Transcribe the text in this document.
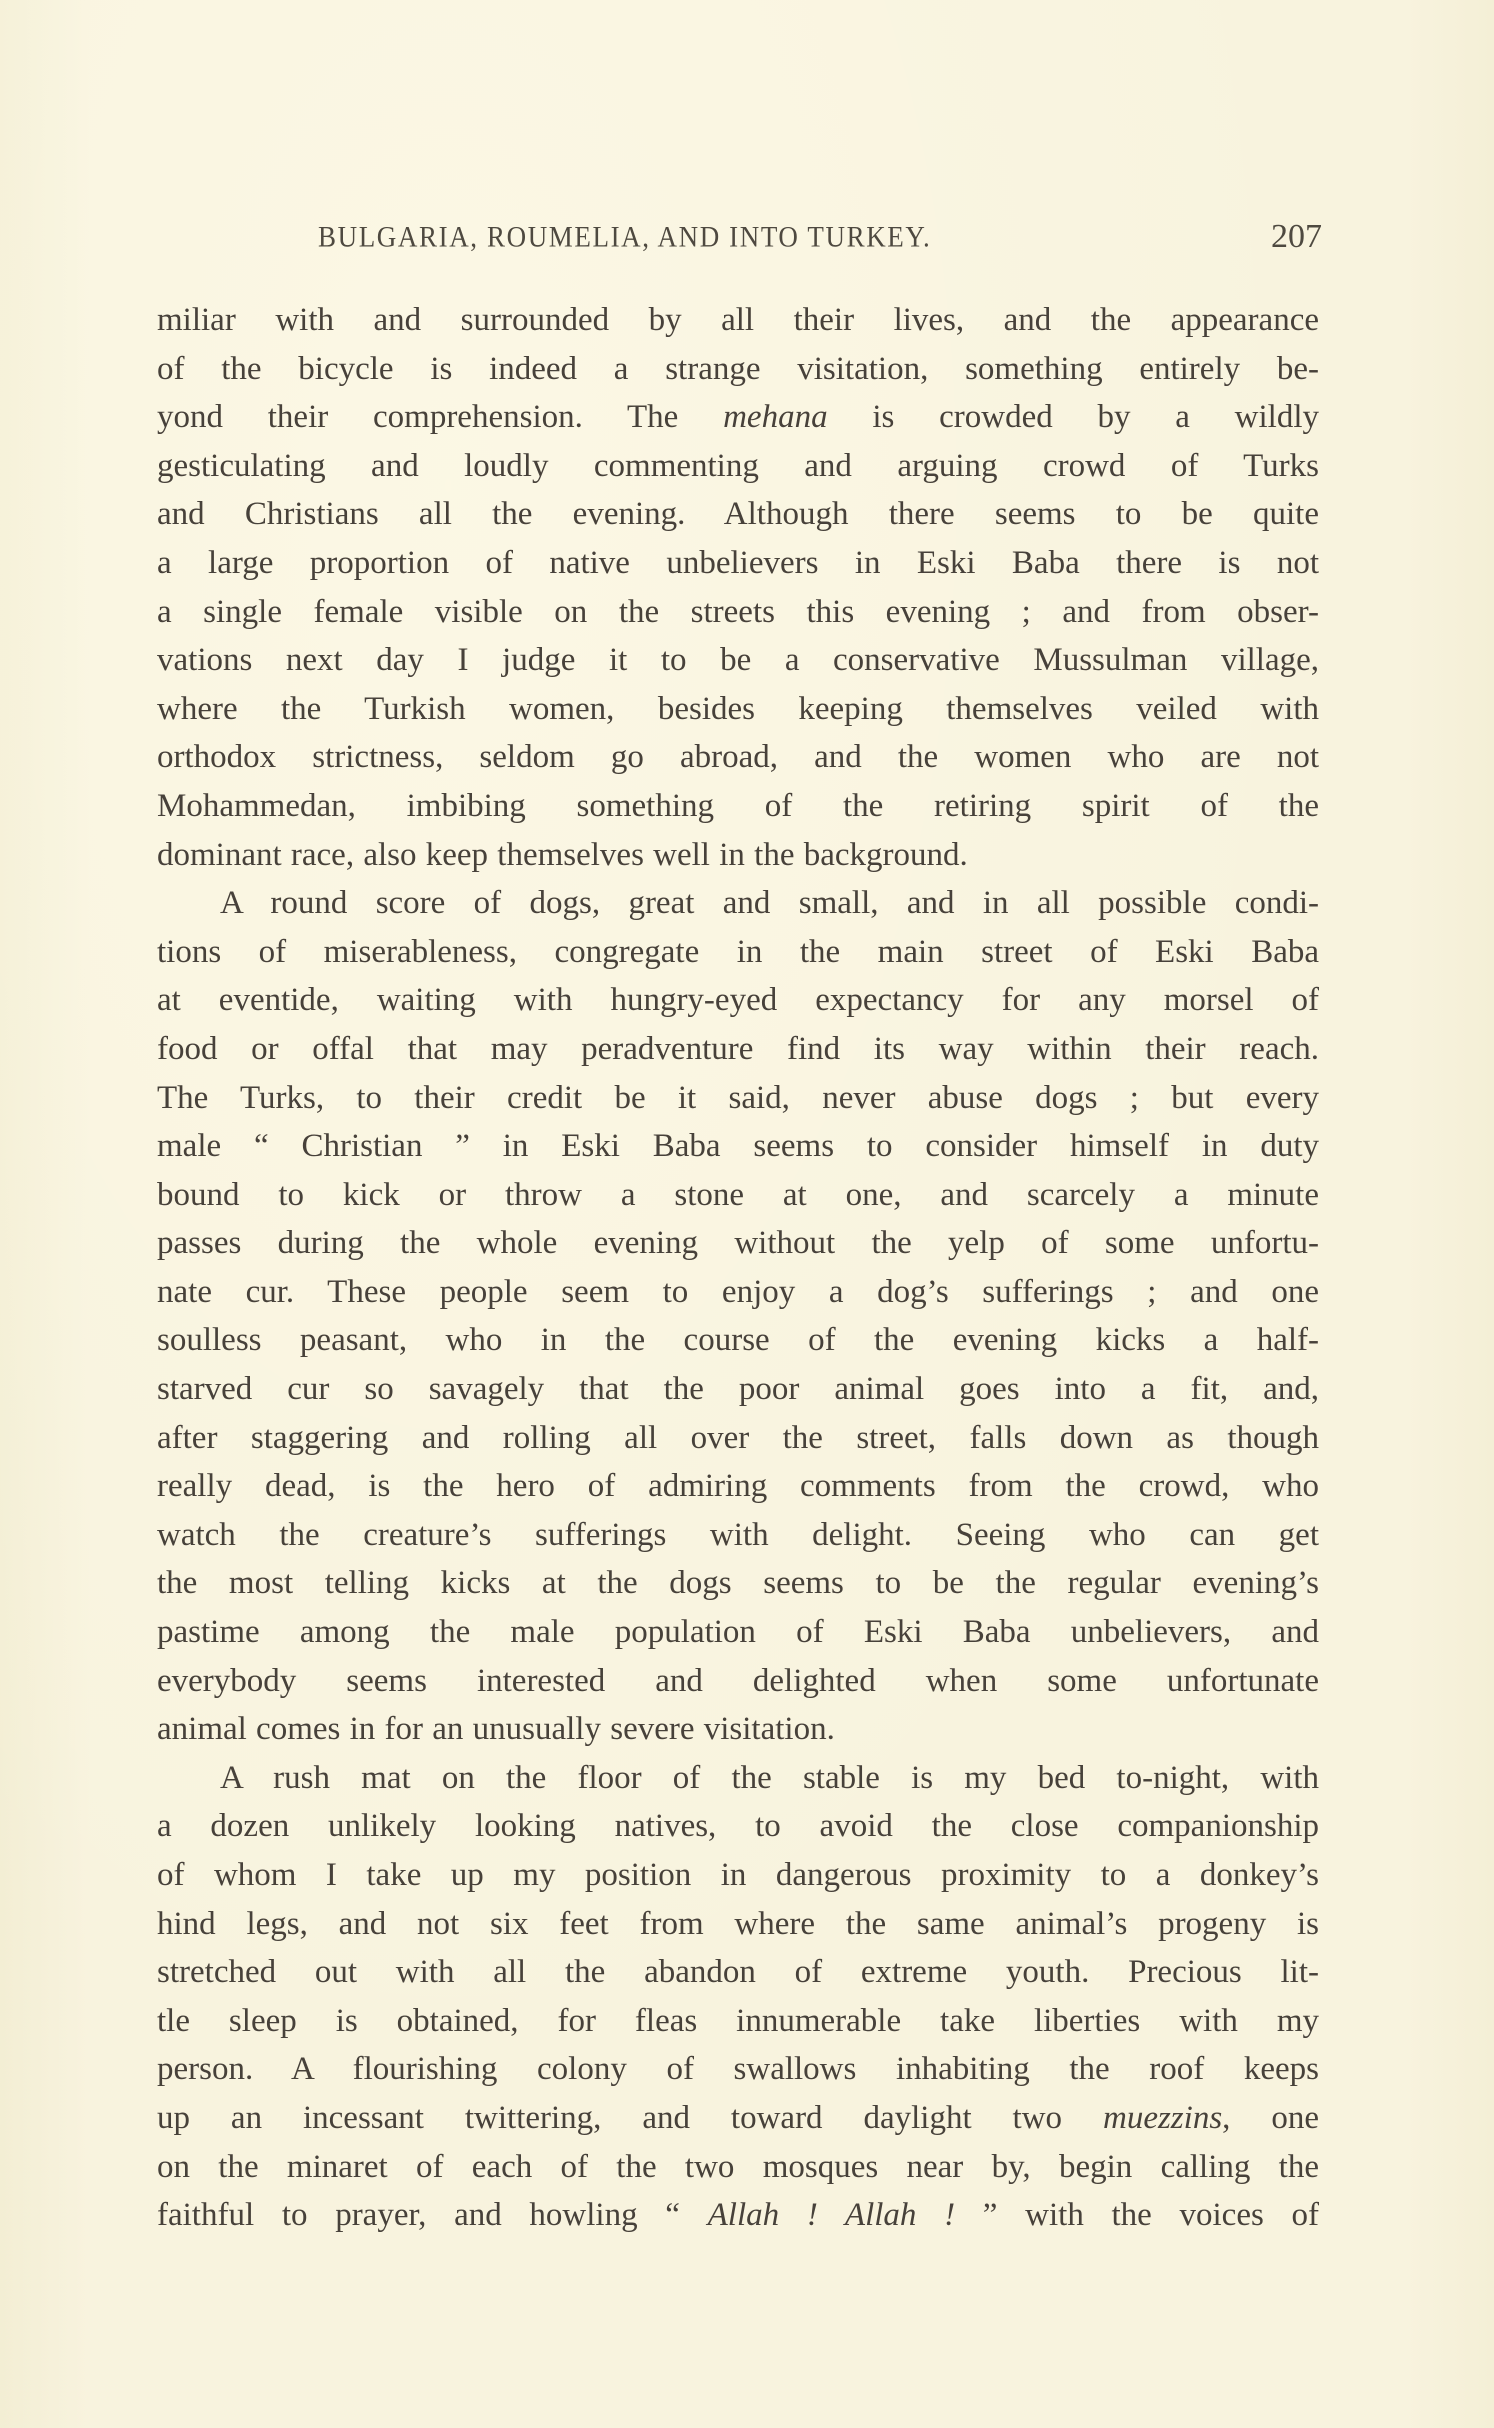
BULGARIA, ROUMELIA, AND INTO TURKEY.	207
miliar with and surrounded by all their lives, and the appearance
of the bicycle is indeed a strange visitation, something entirely be-
yond their comprehension. The mehana is crowded by a wildly
gesticulating and loudly commenting and arguing crowd of Turks
and Christians all the evening. Although there seems to be quite
a large proportion of native unbelievers in Eski Baba there is not
a single female visible on the streets this evening ; and from obser-
vations next day I judge it to be a conservative Mussulman village,
where the Turkish women, besides keeping themselves veiled with
orthodox strictness, seldom go abroad, and the women who are not
Mohammedan, imbibing something of the retiring spirit of the
dominant race, also keep themselves well in the background.
A round score of dogs, great and small, and in all possible condi-
tions of miserableness, congregate in the main street of Eski Baba
at eventide, waiting with hungry-eyed expectancy for any morsel of
food or offal that may peradventure find its way within their reach.
The Turks, to their credit be it said, never abuse dogs ; but every
male “ Christian ” in Eski Baba seems to consider himself in duty
bound to kick or throw a stone at one, and scarcely a minute
passes during the whole evening without the yelp of some unfortu-
nate cur. These people seem to enjoy a dog’s sufferings ; and one
soulless peasant, who in the course of the evening kicks a half-
starved cur so savagely that the poor animal goes into a fit, and,
after staggering and rolling all over the street, falls down as though
really dead, is the hero of admiring comments from the crowd, who
watch the creature’s sufferings with delight. Seeing who can get
the most telling kicks at the dogs seems to be the regular evening’s
pastime among the male population of Eski Baba unbelievers, and
everybody seems interested and delighted when some unfortunate
animal comes in for an unusually severe visitation.
A rush mat on the floor of the stable is my bed to-night, with
a dozen unlikely looking natives, to avoid the close companionship
of whom I take up my position in dangerous proximity to a donkey’s
hind legs, and not six feet from where the same animal’s progeny is
stretched out with all the abandon of extreme youth. Precious lit-
tle sleep is obtained, for fleas innumerable take liberties with my
person. A flourishing colony of swallows inhabiting the roof keeps
up an incessant twittering, and toward daylight two muezzins, one
on the minaret of each of the two mosques near by, begin calling the
faithful to prayer, and howling “ Allah ! Allah ! ” with the voices of
